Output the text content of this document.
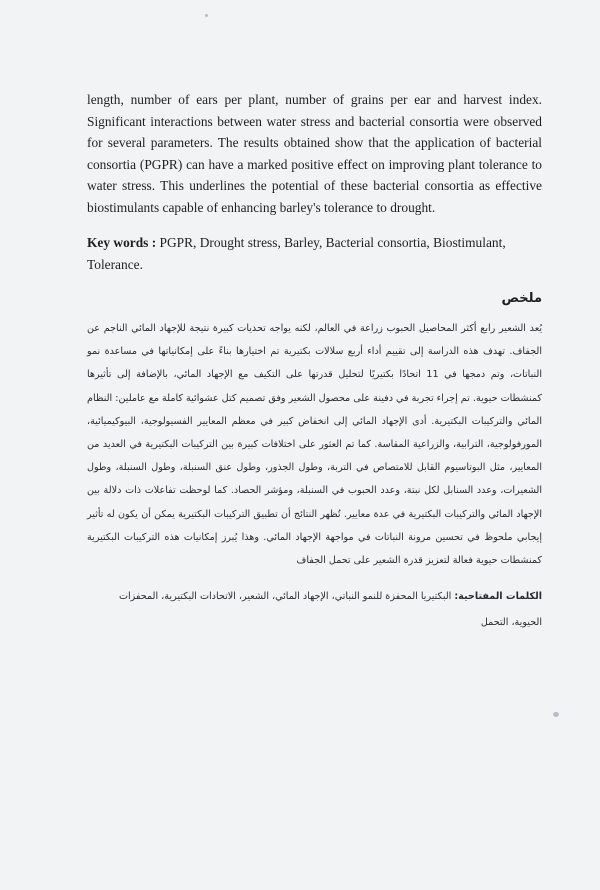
length, number of ears per plant, number of grains per ear and harvest index. Significant interactions between water stress and bacterial consortia were observed for several parameters. The results obtained show that the application of bacterial consortia (PGPR) can have a marked positive effect on improving plant tolerance to water stress. This underlines the potential of these bacterial consortia as effective biostimulants capable of enhancing barley's tolerance to drought.

Key words : PGPR, Drought stress, Barley, Bacterial consortia, Biostimulant, Tolerance.
ملخص
يُعد الشعير رابع أكثر المحاصيل الحبوب زراعة في العالم، لكنه يواجه تحديات كبيرة نتيجة للإجهاد المائي الناجم عن الجفاف. تهدف هذه الدراسة إلى تقييم أداء أربع سلالات بكتيرية تم اختيارها بناءً على إمكانياتها في مساعدة نمو النباتات، وتم دمجها في 11 اتحادًا بكتيريًا لتحليل قدرتها على التكيف مع الإجهاد المائي، بالإضافة إلى تأثيرها كمنشطات حيوية. تم إجراء تجربة في دفينة على محصول الشعير وفق تصميم كتل عشوائية كاملة مع عاملين: النظام المائي والتركيبات البكتيرية. أدى الإجهاد المائي إلى انخفاض كبير في معظم المعايير الفسيولوجية، البيوكيميائية، المورفولوجية، الترابية، والزراعية المقاسة. كما تم العثور على اختلافات كبيرة بين التركيبات البكتيرية في العديد من المعايير، مثل البوتاسيوم القابل للامتصاص في التربة، وطول الجذور، وطول عنق السنبلة، وطول السنبلة، وطول الشعيرات، وعدد السنابل لكل نبتة، وعدد الحبوب في السنبلة، ومؤشر الحصاد. كما لوحظت تفاعلات ذات دلالة بين الإجهاد المائي والتركيبات البكتيرية في عدة معايير. تُظهر النتائج أن تطبيق التركيبات البكتيرية يمكن أن يكون له تأثير إيجابي ملحوظ في تحسين مرونة النباتات في مواجهة الإجهاد المائي. وهذا يُبرز إمكانيات هذه التركيبات البكتيرية كمنشطات حيوية فعالة لتعزيز قدرة الشعير على تحمل الجفاف
الكلمات المفتاحية: البكتيريا المحفزة للنمو النباتي، الإجهاد المائي، الشعير، الاتحادات البكتيرية، المحفزات الحيوية، التحمل
